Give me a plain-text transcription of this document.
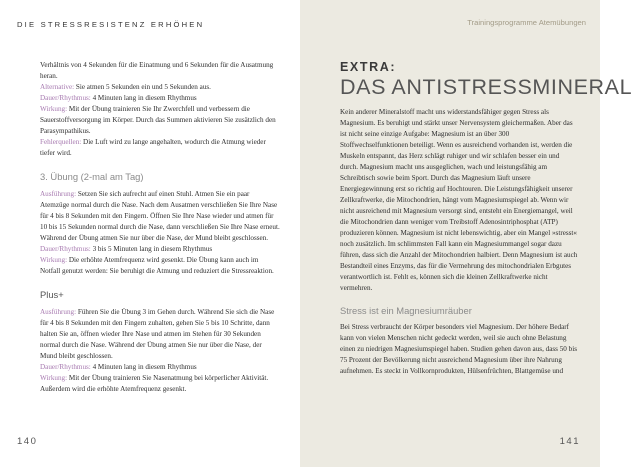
DIE STRESSRESISTENZ ERHÖHEN

Verhältnis von 4 Sekunden für die Einatmung und 6 Sekunden für die Ausatmung heran.

Alternative: Sie atmen 5 Sekunden ein und 5 Sekunden aus.

Dauer/Rhythmus: 4 Minuten lang in diesem Rhythmus

Wirkung: Mit der Übung trainieren Sie Ihr Zwerchfell und verbessern die Sauerstoffversorgung im Körper. Durch das Summen aktivieren Sie zusätzlich den Parasympathikus.

Fehlerquellen: Die Luft wird zu lange angehalten, wodurch die Atmung wieder tiefer wird.

3. Übung (2-mal am Tag)

Ausführung: Setzen Sie sich aufrecht auf einen Stuhl. Atmen Sie ein paar Atemzüge normal durch die Nase. Nach dem Ausatmen verschließen Sie Ihre Nase für 4 bis 8 Sekunden mit den Fingern. Öffnen Sie Ihre Nase wieder und atmen für 10 bis 15 Sekunden normal durch die Nase, dann verschließen Sie Ihre Nase erneut. Während der Übung atmen Sie nur über die Nase, der Mund bleibt geschlossen.

Dauer/Rhythmus: 3 bis 5 Minuten lang in diesem Rhythmus

Wirkung: Die erhöhte Atemfrequenz wird gesenkt. Die Übung kann auch im Notfall genutzt werden: Sie beruhigt die Atmung und reduziert die Stressreaktion.

Plus+

Ausführung: Führen Sie die Übung 3 im Gehen durch. Während Sie sich die Nase für 4 bis 8 Sekunden mit den Fingern zuhalten, gehen Sie 5 bis 10 Schritte, dann halten Sie an, öffnen wieder Ihre Nase und atmen im Stehen für 30 Sekunden normal durch die Nase. Während der Übung atmen Sie nur über die Nase, der Mund bleibt geschlossen.

Dauer/Rhythmus: 4 Minuten lang in diesem Rhythmus

Wirkung: Mit der Übung trainieren Sie Nasenatmung bei körperlicher Aktivität. Außerdem wird die erhöhte Atemfrequenz gesenkt.

140
Trainingsprogramme Atemübungen
EXTRA:
DAS ANTISTRESSMINERAL

Kein anderer Mineralstoff macht uns widerstandsfähiger gegen Stress als Magnesium. Es beruhigt und stärkt unser Nervensystem gleichermaßen. Aber das ist nicht seine einzige Aufgabe: Magnesium ist an über 300 Stoffwechselfunktionen beteiligt. Wenn es ausreichend vorhanden ist, werden die Muskeln entspannt, das Herz schlägt ruhiger und wir schlafen besser ein und durch. Magnesium macht uns ausgeglichen, wach und leistungsfähig am Schreibtisch sowie beim Sport. Durch das Magnesium läuft unsere Energiegewinnung erst so richtig auf Hochtouren. Die Leistungsfähigkeit unserer Zellkraftwerke, die Mitochondrien, hängt vom Magnesiumspiegel ab. Wenn wir nicht ausreichend mit Magnesium versorgt sind, entsteht ein Energiemangel, weil die Mitochondrien dann weniger vom Treibstoff Adenosintriphosphat (ATP) produzieren können. Magnesium ist nicht lebenswichtig, aber ein Mangel »stresst« noch zusätzlich. Im schlimmsten Fall kann ein Magnesiummangel sogar dazu führen, dass sich die Anzahl der Mitochondrien halbiert. Denn Magnesium ist auch Bestandteil eines Enzyms, das für die Vermehrung des mitochondrialen Erbgutes verantwortlich ist. Fehlt es, können sich die kleinen Zellkraftwerke nicht vermehren.

Stress ist ein Magnesiumräuber

Bei Stress verbraucht der Körper besonders viel Magnesium. Der höhere Bedarf kann von vielen Menschen nicht gedeckt werden, weil sie auch ohne Belastung einen zu niedrigen Magnesiumspiegel haben. Studien gehen davon aus, dass 50 bis 75 Prozent der Bevölkerung nicht ausreichend Magnesium über ihre Nahrung aufnehmen. Es steckt in Vollkornprodukten, Hülsenfrüchten, Blattgemüse und

141
